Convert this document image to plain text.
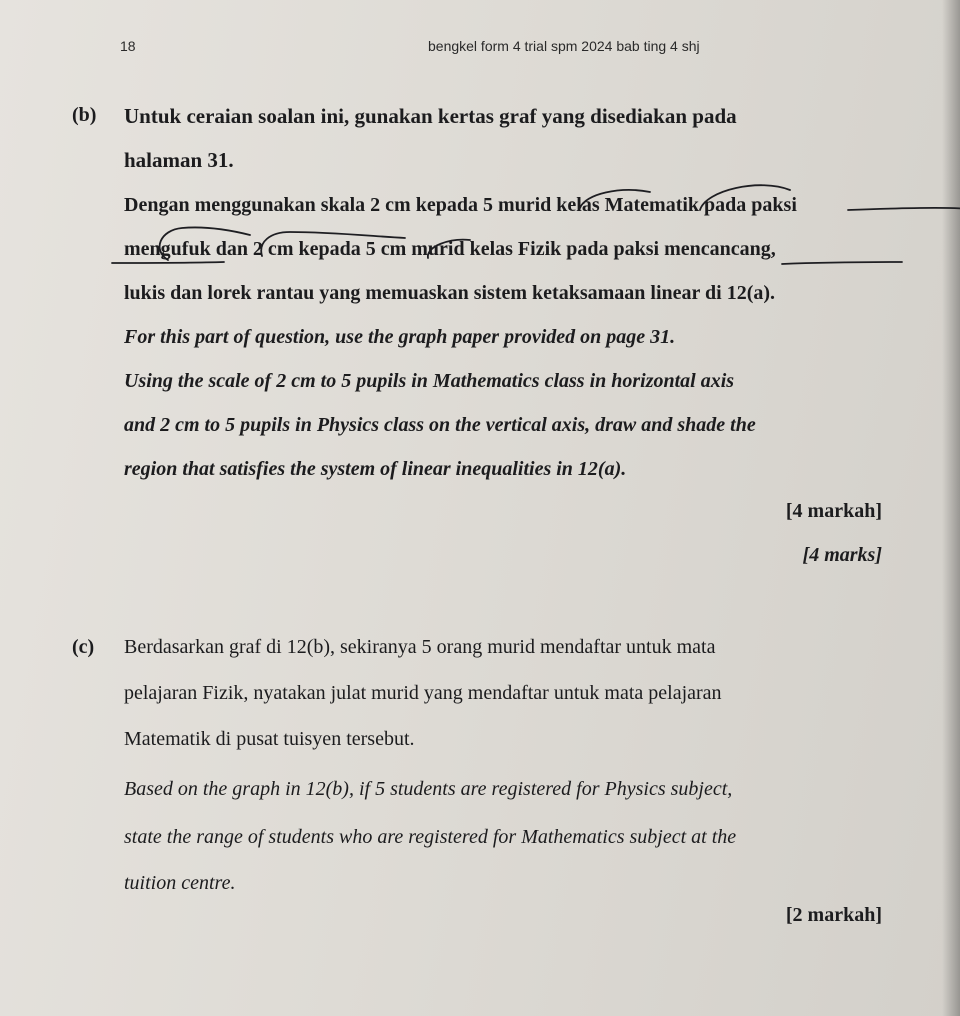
18	bengkel form 4 trial spm 2024 bab ting 4 shj
(b) Untuk ceraian soalan ini, gunakan kertas graf yang disediakan pada
halaman 31.
Dengan menggunakan skala 2 cm kepada 5 murid kelas Matematik pada paksi
mengufuk dan 2 cm kepada 5 cm murid kelas Fizik pada paksi mencancang,
lukis dan lorek rantau yang memuaskan sistem ketaksamaan linear di 12(a).
For this part of question, use the graph paper provided on page 31.
Using the scale of 2 cm to 5 pupils in Mathematics class in horizontal axis
and 2 cm to 5 pupils in Physics class on the vertical axis, draw and shade the
region that satisfies the system of linear inequalities in 12(a).
[4 markah]
[4 marks]
(c) Berdasarkan graf di 12(b), sekiranya 5 orang murid mendaftar untuk mata
pelajaran Fizik, nyatakan julat murid yang mendaftar untuk mata pelajaran
Matematik di pusat tuisyen tersebut.
Based on the graph in 12(b), if 5 students are registered for Physics subject,
state the range of students who are registered for Mathematics subject at the
tuition centre.
[2 markah]
